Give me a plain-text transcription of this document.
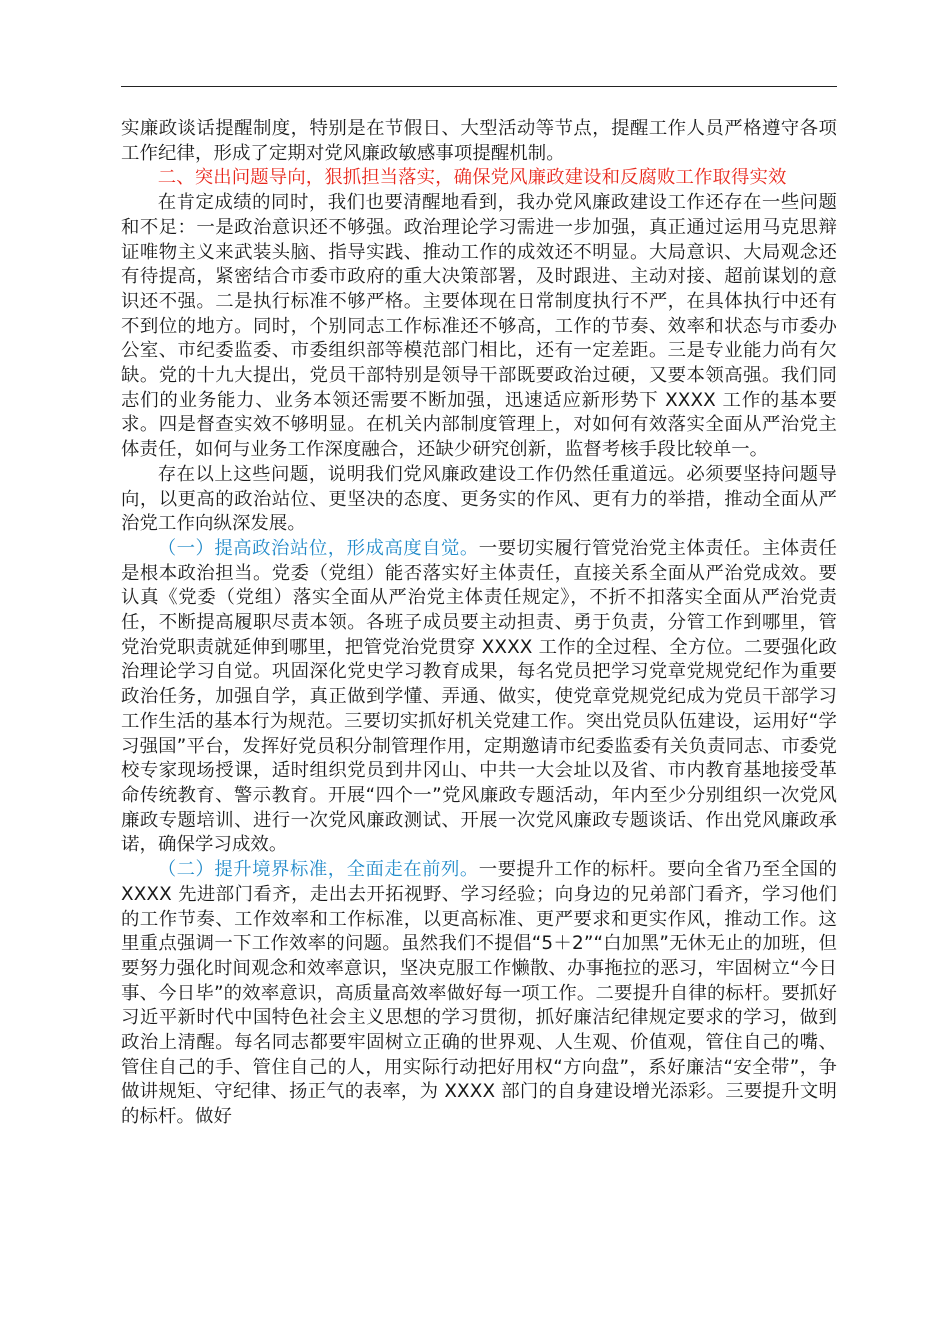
实廉政谈话提醒制度，特别是在节假日、大型活动等节点，提醒工作人员严格遵守各项工作纪律，形成了定期对党风廉政敏感事项提醒机制。

二、突出问题导向，狠抓担当落实，确保党风廉政建设和反腐败工作取得实效

在肯定成绩的同时，我们也要清醒地看到，我办党风廉政建设工作还存在一些问题和不足：一是政治意识还不够强。政治理论学习需进一步加强，真正通过运用马克思辩证唯物主义来武装头脑、指导实践、推动工作的成效还不明显。大局意识、大局观念还有待提高，紧密结合市委市政府的重大决策部署，及时跟进、主动对接、超前谋划的意识还不强。二是执行标准不够严格。主要体现在日常制度执行不严，在具体执行中还有不到位的地方。同时，个别同志工作标准还不够高，工作的节奏、效率和状态与市委办公室、市纪委监委、市委组织部等模范部门相比，还有一定差距。三是专业能力尚有欠缺。党的十九大提出，党员干部特别是领导干部既要政治过硬，又要本领高强。我们同志们的业务能力、业务本领还需要不断加强，迅速适应新形势下 XXXX 工作的基本要求。四是督查实效不够明显。在机关内部制度管理上，对如何有效落实全面从严治党主体责任，如何与业务工作深度融合，还缺少研究创新，监督考核手段比较单一。

存在以上这些问题，说明我们党风廉政建设工作仍然任重道远。必须要坚持问题导向，以更高的政治站位、更坚决的态度、更务实的作风、更有力的举措，推动全面从严治党工作向纵深发展。

（一）提高政治站位，形成高度自觉。一要切实履行管党治党主体责任。主体责任是根本政治担当。党委（党组）能否落实好主体责任，直接关系全面从严治党成效。要认真《党委（党组）落实全面从严治党主体责任规定》，不折不扣落实全面从严治党责任，不断提高履职尽责本领。各班子成员要主动担责、勇于负责，分管工作到哪里，管党治党职责就延伸到哪里，把管党治党贯穿 XXXX 工作的全过程、全方位。二要强化政治理论学习自觉。巩固深化党史学习教育成果，每名党员把学习党章党规党纪作为重要政治任务，加强自学，真正做到学懂、弄通、做实，使党章党规党纪成为党员干部学习工作生活的基本行为规范。三要切实抓好机关党建工作。突出党员队伍建设，运用好“学习强国”平台，发挥好党员积分制管理作用，定期邀请市纪委监委有关负责同志、市委党校专家现场授课，适时组织党员到井冈山、中共一大会址以及省、市内教育基地接受革命传统教育、警示教育。开展“四个一”党风廉政专题活动，年内至少分别组织一次党风廉政专题培训、进行一次党风廉政测试、开展一次党风廉政专题谈话、作出党风廉政承诺，确保学习成效。

（二）提升境界标准，全面走在前列。一要提升工作的标杆。要向全省乃至全国的 XXXX 先进部门看齐，走出去开拓视野、学习经验；向身边的兄弟部门看齐，学习他们的工作节奏、工作效率和工作标准，以更高标准、更严要求和更实作风，推动工作。这里重点强调一下工作效率的问题。虽然我们不提倡“5＋2”“白加黑”无休无止的加班，但要努力强化时间观念和效率意识，坚决克服工作懒散、办事拖拉的恶习，牢固树立“今日事、今日毕”的效率意识，高质量高效率做好每一项工作。二要提升自律的标杆。要抓好习近平新时代中国特色社会主义思想的学习贯彻，抓好廉洁纪律规定要求的学习，做到政治上清醒。每名同志都要牢固树立正确的世界观、人生观、价值观，管住自己的嘴、管住自己的手、管住自己的人，用实际行动把好用权“方向盘”，系好廉洁“安全带”，争做讲规矩、守纪律、扬正气的表率，为 XXXX 部门的自身建设增光添彩。三要提升文明的标杆。做好
